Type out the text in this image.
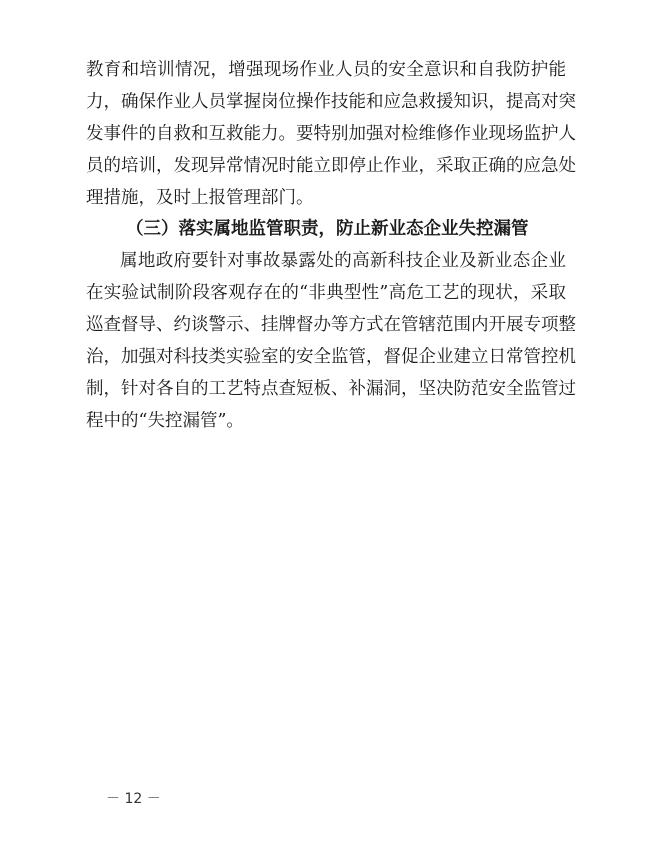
教育和培训情况，增强现场作业人员的安全意识和自我防护能
力，确保作业人员掌握岗位操作技能和应急救援知识，提高对突
发事件的自救和互救能力。要特别加强对检维修作业现场监护人
员的培训，发现异常情况时能立即停止作业，采取正确的应急处
理措施，及时上报管理部门。
（三）落实属地监管职责，防止新业态企业失控漏管
属地政府要针对事故暴露处的高新科技企业及新业态企业
在实验试制阶段客观存在的“非典型性”高危工艺的现状，采取
巡查督导、约谈警示、挂牌督办等方式在管辖范围内开展专项整
治，加强对科技类实验室的安全监管，督促企业建立日常管控机
制，针对各自的工艺特点查短板、补漏洞，坚决防范安全监管过
程中的“失控漏管”。
－ 12 －
